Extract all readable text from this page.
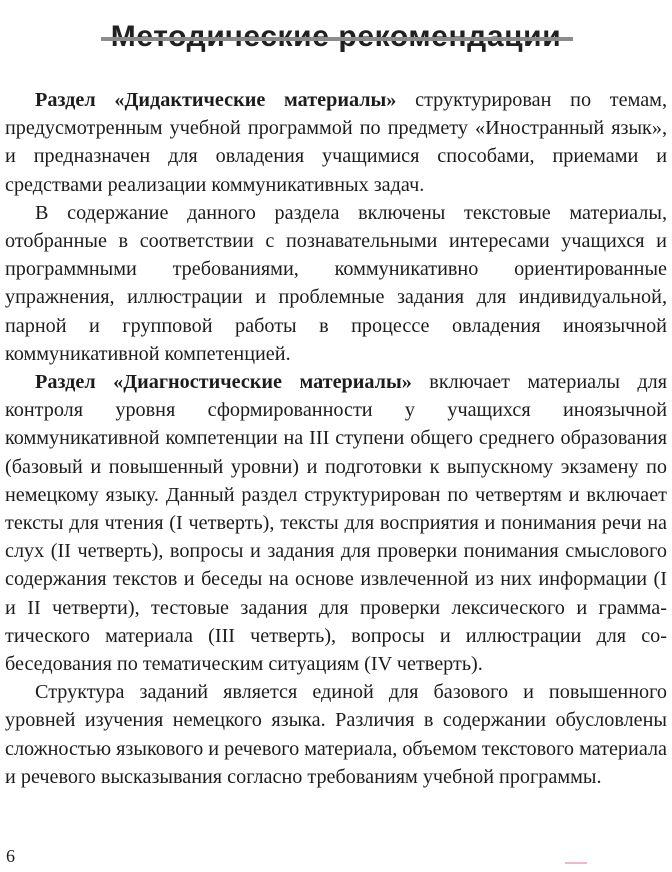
Раздел «Дидактические материалы» структурирован по темам, предусмотренным учебной программой по предмету «Иностранный язык», и предназначен для овладения учащимися способами, приемами и средствами реализации коммуникативных задач.

В содержание данного раздела включены текстовые материалы, отобранные в соответствии с познавательными интересами учащихся и программными требованиями, коммуникативно ориентированные упражнения, иллюстрации и проблемные задания для индивидуальной, парной и групповой работы в процессе овладения иноязычной коммуникативной компетенцией.

Раздел «Диагностические материалы» включает материалы для контроля уровня сформированности у учащихся иноязычной коммуникативной компетенции на III ступени общего среднего образования (базовый и повышенный уровни) и подготовки к выпускному экзамену по немецкому языку. Данный раздел структурирован по четвертям и включает тексты для чтения (I четверть), тексты для восприятия и понимания речи на слух (II четверть), вопросы и задания для проверки понимания смыслового содержания текстов и беседы на основе извлеченной из них информации (I и II четверти), тестовые задания для проверки лексического и грамматического материала (III четверть), вопросы и иллюстрации для собеседования по тематическим ситуациям (IV четверть).

Структура заданий является единой для базового и повышенного уровней изучения немецкого языка. Различия в содержании обусловлены сложностью языкового и речевого материала, объемом текстового материала и речевого высказывания согласно требованиям учебной программы.

6
